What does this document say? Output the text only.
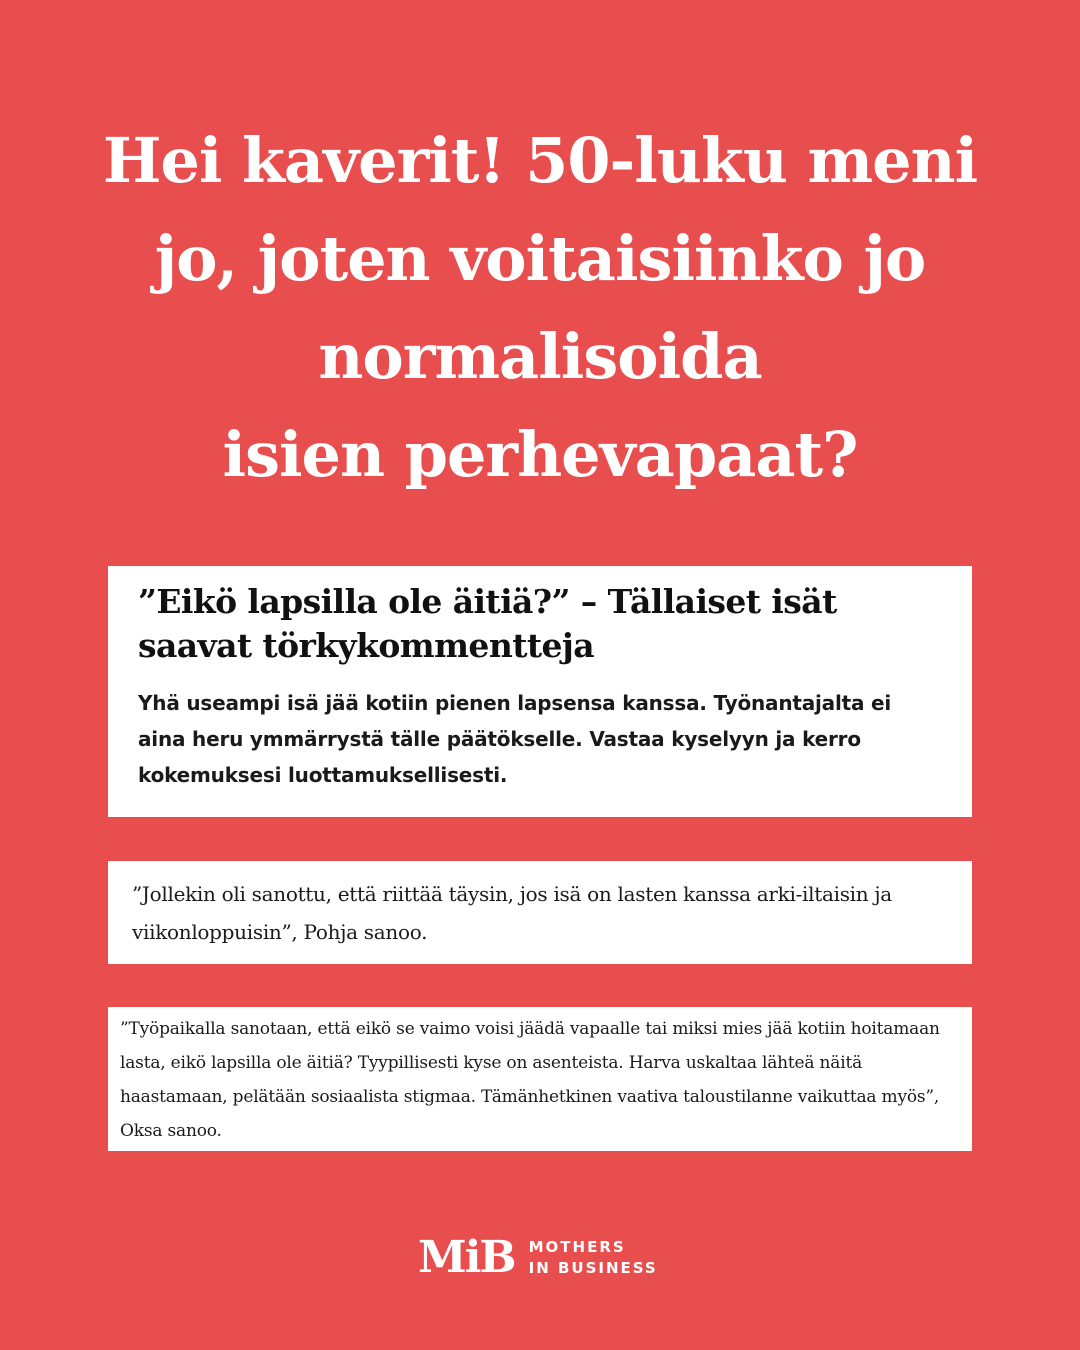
Hei kaverit! 50-luku meni
jo, joten voitaisiinko jo
normalisoida
isien perhevapaat?
”Eikö lapsilla ole äitiä?” – Tällaiset isät saavat törkykommentteja

Yhä useampi isä jää kotiin pienen lapsensa kanssa. Työnantajalta ei aina heru ymmärrystä tälle päätökselle. Vastaa kyselyyn ja kerro kokemuksesi luottamuksellisesti.

”Jollekin oli sanottu, että riittää täysin, jos isä on lasten kanssa arki-iltaisin ja viikonloppuisin”, Pohja sanoo.

”Työpaikalla sanotaan, että eikö se vaimo voisi jäädä vapaalle tai miksi mies jää kotiin hoitamaan lasta, eikö lapsilla ole äitiä? Tyypillisesti kyse on asenteista. Harva uskaltaa lähteä näitä haastamaan, pelätään sosiaalista stigmaa. Tämänhetkinen vaativa taloustilanne vaikuttaa myös”, Oksa sanoo.

MiB MOTHERS
IN BUSINESS
